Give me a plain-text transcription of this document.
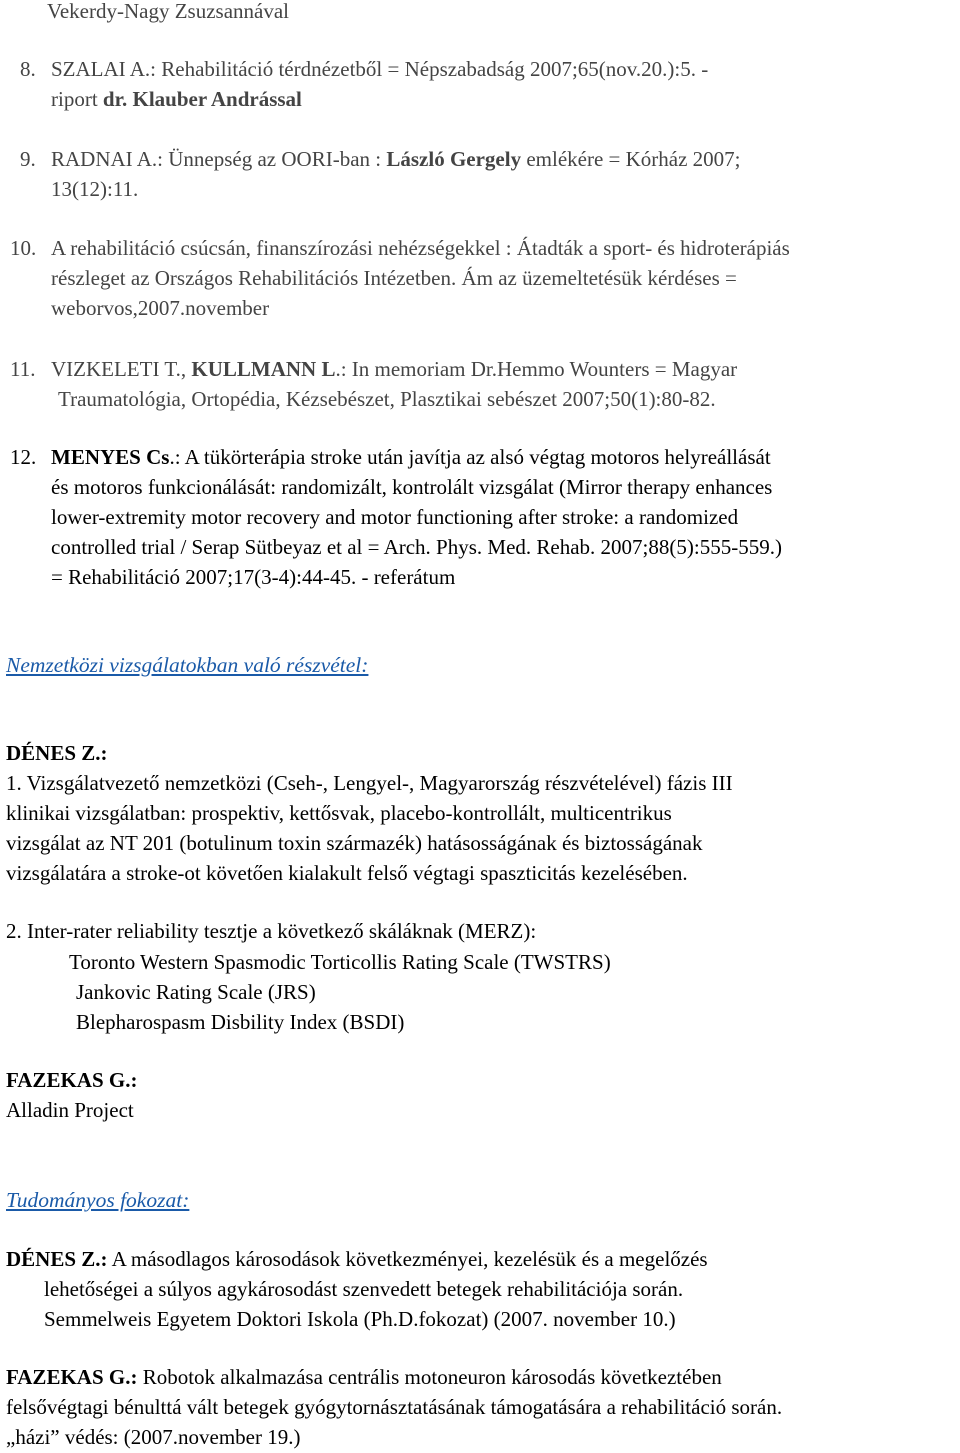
Vekerdy-Nagy Zsuzsannával
8. SZALAI A.: Rehabilitáció térdnézetből = Népszabadság 2007;65(nov.20.):5. -
riport dr. Klauber Andrással
9. RADNAI A.: Ünnepség az OORI-ban : László Gergely emlékére = Kórház 2007;
13(12):11.
10. A rehabilitáció csúcsán, finanszírozási nehézségekkel : Átadták a sport- és hidroterápiás
részleget az Országos Rehabilitációs Intézetben. Ám az üzemeltetésük kérdéses =
weborvos,2007.november
11. VIZKELETI T., KULLMANN L.: In memoriam Dr.Hemmo Wounters = Magyar
Traumatológia, Ortopédia, Kézsebészet, Plasztikai sebészet 2007;50(1):80-82.
12. MENYES Cs.: A tükörterápia stroke után javítja az alsó végtag motoros helyreállását
és motoros funkcionálását: randomizált, kontrolált vizsgálat (Mirror therapy enhances
lower-extremity motor recovery and motor functioning after stroke: a randomized
controlled trial / Serap Sütbeyaz et al = Arch. Phys. Med. Rehab. 2007;88(5):555-559.)
= Rehabilitáció 2007;17(3-4):44-45. - referátum
Nemzetközi vizsgálatokban való részvétel:
DÉNES Z.:
1. Vizsgálatvezető nemzetközi (Cseh-, Lengyel-, Magyarország részvételével) fázis III
klinikai vizsgálatban: prospektiv, kettősvak, placebo-kontrollált, multicentrikus
vizsgálat az NT 201 (botulinum toxin származék) hatásosságának és biztosságának
vizsgálatára a stroke-ot követően kialakult felső végtagi spaszticitás kezelésében.
2. Inter-rater reliability tesztje a következő skáláknak (MERZ):
Toronto Western Spasmodic Torticollis Rating Scale (TWSTRS)
Jankovic Rating Scale (JRS)
Blepharospasm Disbility Index (BSDI)
FAZEKAS G.:
Alladin Project
Tudományos fokozat:
DÉNES Z.: A másodlagos károsodások következményei, kezelésük és a megelőzés
lehetőségei a súlyos agykárosodást szenvedett betegek rehabilitációja során.
Semmelweis Egyetem Doktori Iskola (Ph.D.fokozat) (2007. november 10.)
FAZEKAS G.: Robotok alkalmazása centrális motoneuron károsodás következtében
felsővégtagi bénulttá vált betegek gyógytornásztatásának támogatására a rehabilitáció során.
„házi” védés: (2007.november 19.)
